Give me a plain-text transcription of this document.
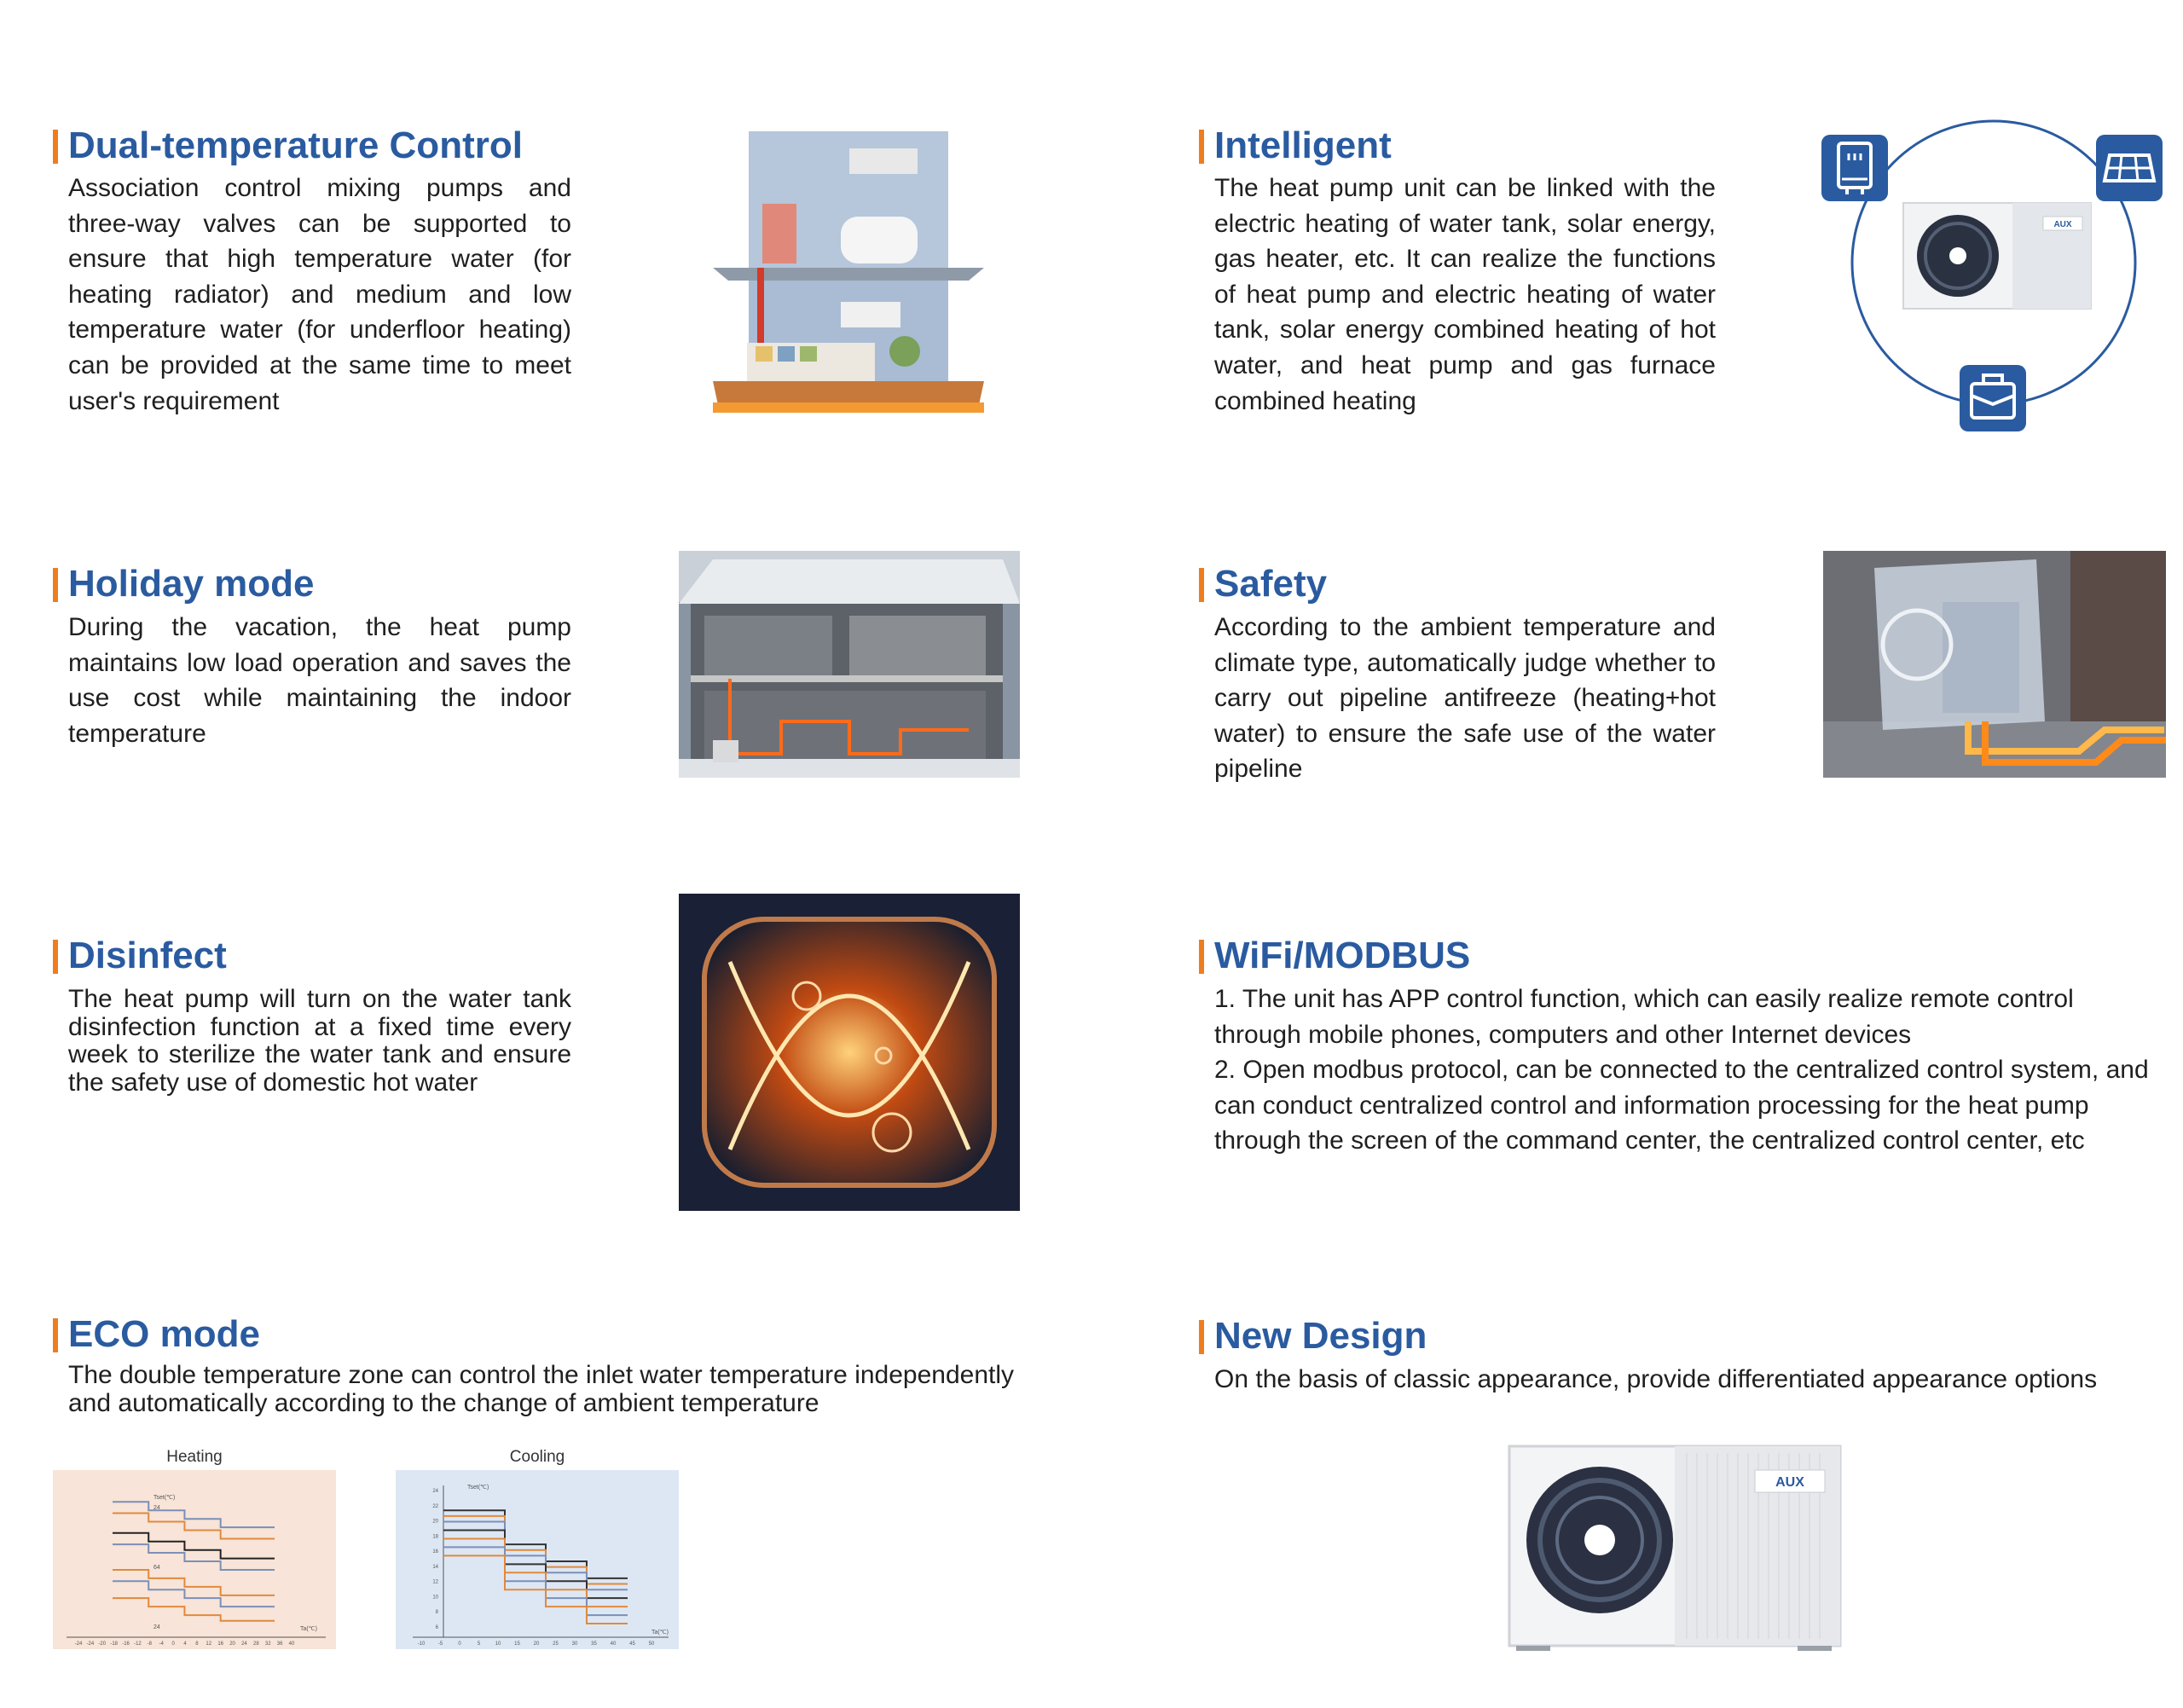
Dual-temperature Control

Association control mixing pumps and three-way valves can be supported to ensure that high temperature water (for heating radiator) and medium and low temperature water (for underfloor heating) can be provided at the same time to meet user's requirement

Intelligent

The heat pump unit can be linked with the electric heating of water tank, solar energy, gas heater, etc. It can realize the functions of heat pump and electric heating of water tank, solar energy combined heating of hot water, and heat pump and gas furnace combined heating

AUX
Holiday mode

During the vacation, the heat pump maintains low load operation and saves the use cost while maintaining the indoor temperature

Safety

According to the ambient temperature and climate type, automatically judge whether to carry out pipeline antifreeze (heating+hot water) to ensure the safe use of the water pipeline

Disinfect

The heat pump will turn on the water tank disinfection function at a fixed time every week to sterilize the water tank and ensure the safety use of domestic hot water

WiFi/MODBUS

1. The unit has APP control function, which can easily realize remote control through mobile phones, computers and other Internet devices

2. Open modbus protocol, can be connected to the centralized control system, and can conduct centralized control and information processing for the heat pump through the screen of the command center, the centralized control center, etc

ECO mode

The double temperature zone can control the inlet water temperature independently and automatically according to the change of ambient temperature

Heating
Tset(℃)
Ta(℃)
24
64
24
-24 -24 -20 -18 -16 -12 -8 -4 0 4 8 12 16 20 24 28 32 36 40
Cooling
Tset(℃)
Ta(℃)
24
22
20
18
16
14
12
10
8
6
-10	-5	0	5	10	15	20	25	30	35	40	45	50
New Design

On the basis of classic appearance, provide differentiated appearance options

AUX
